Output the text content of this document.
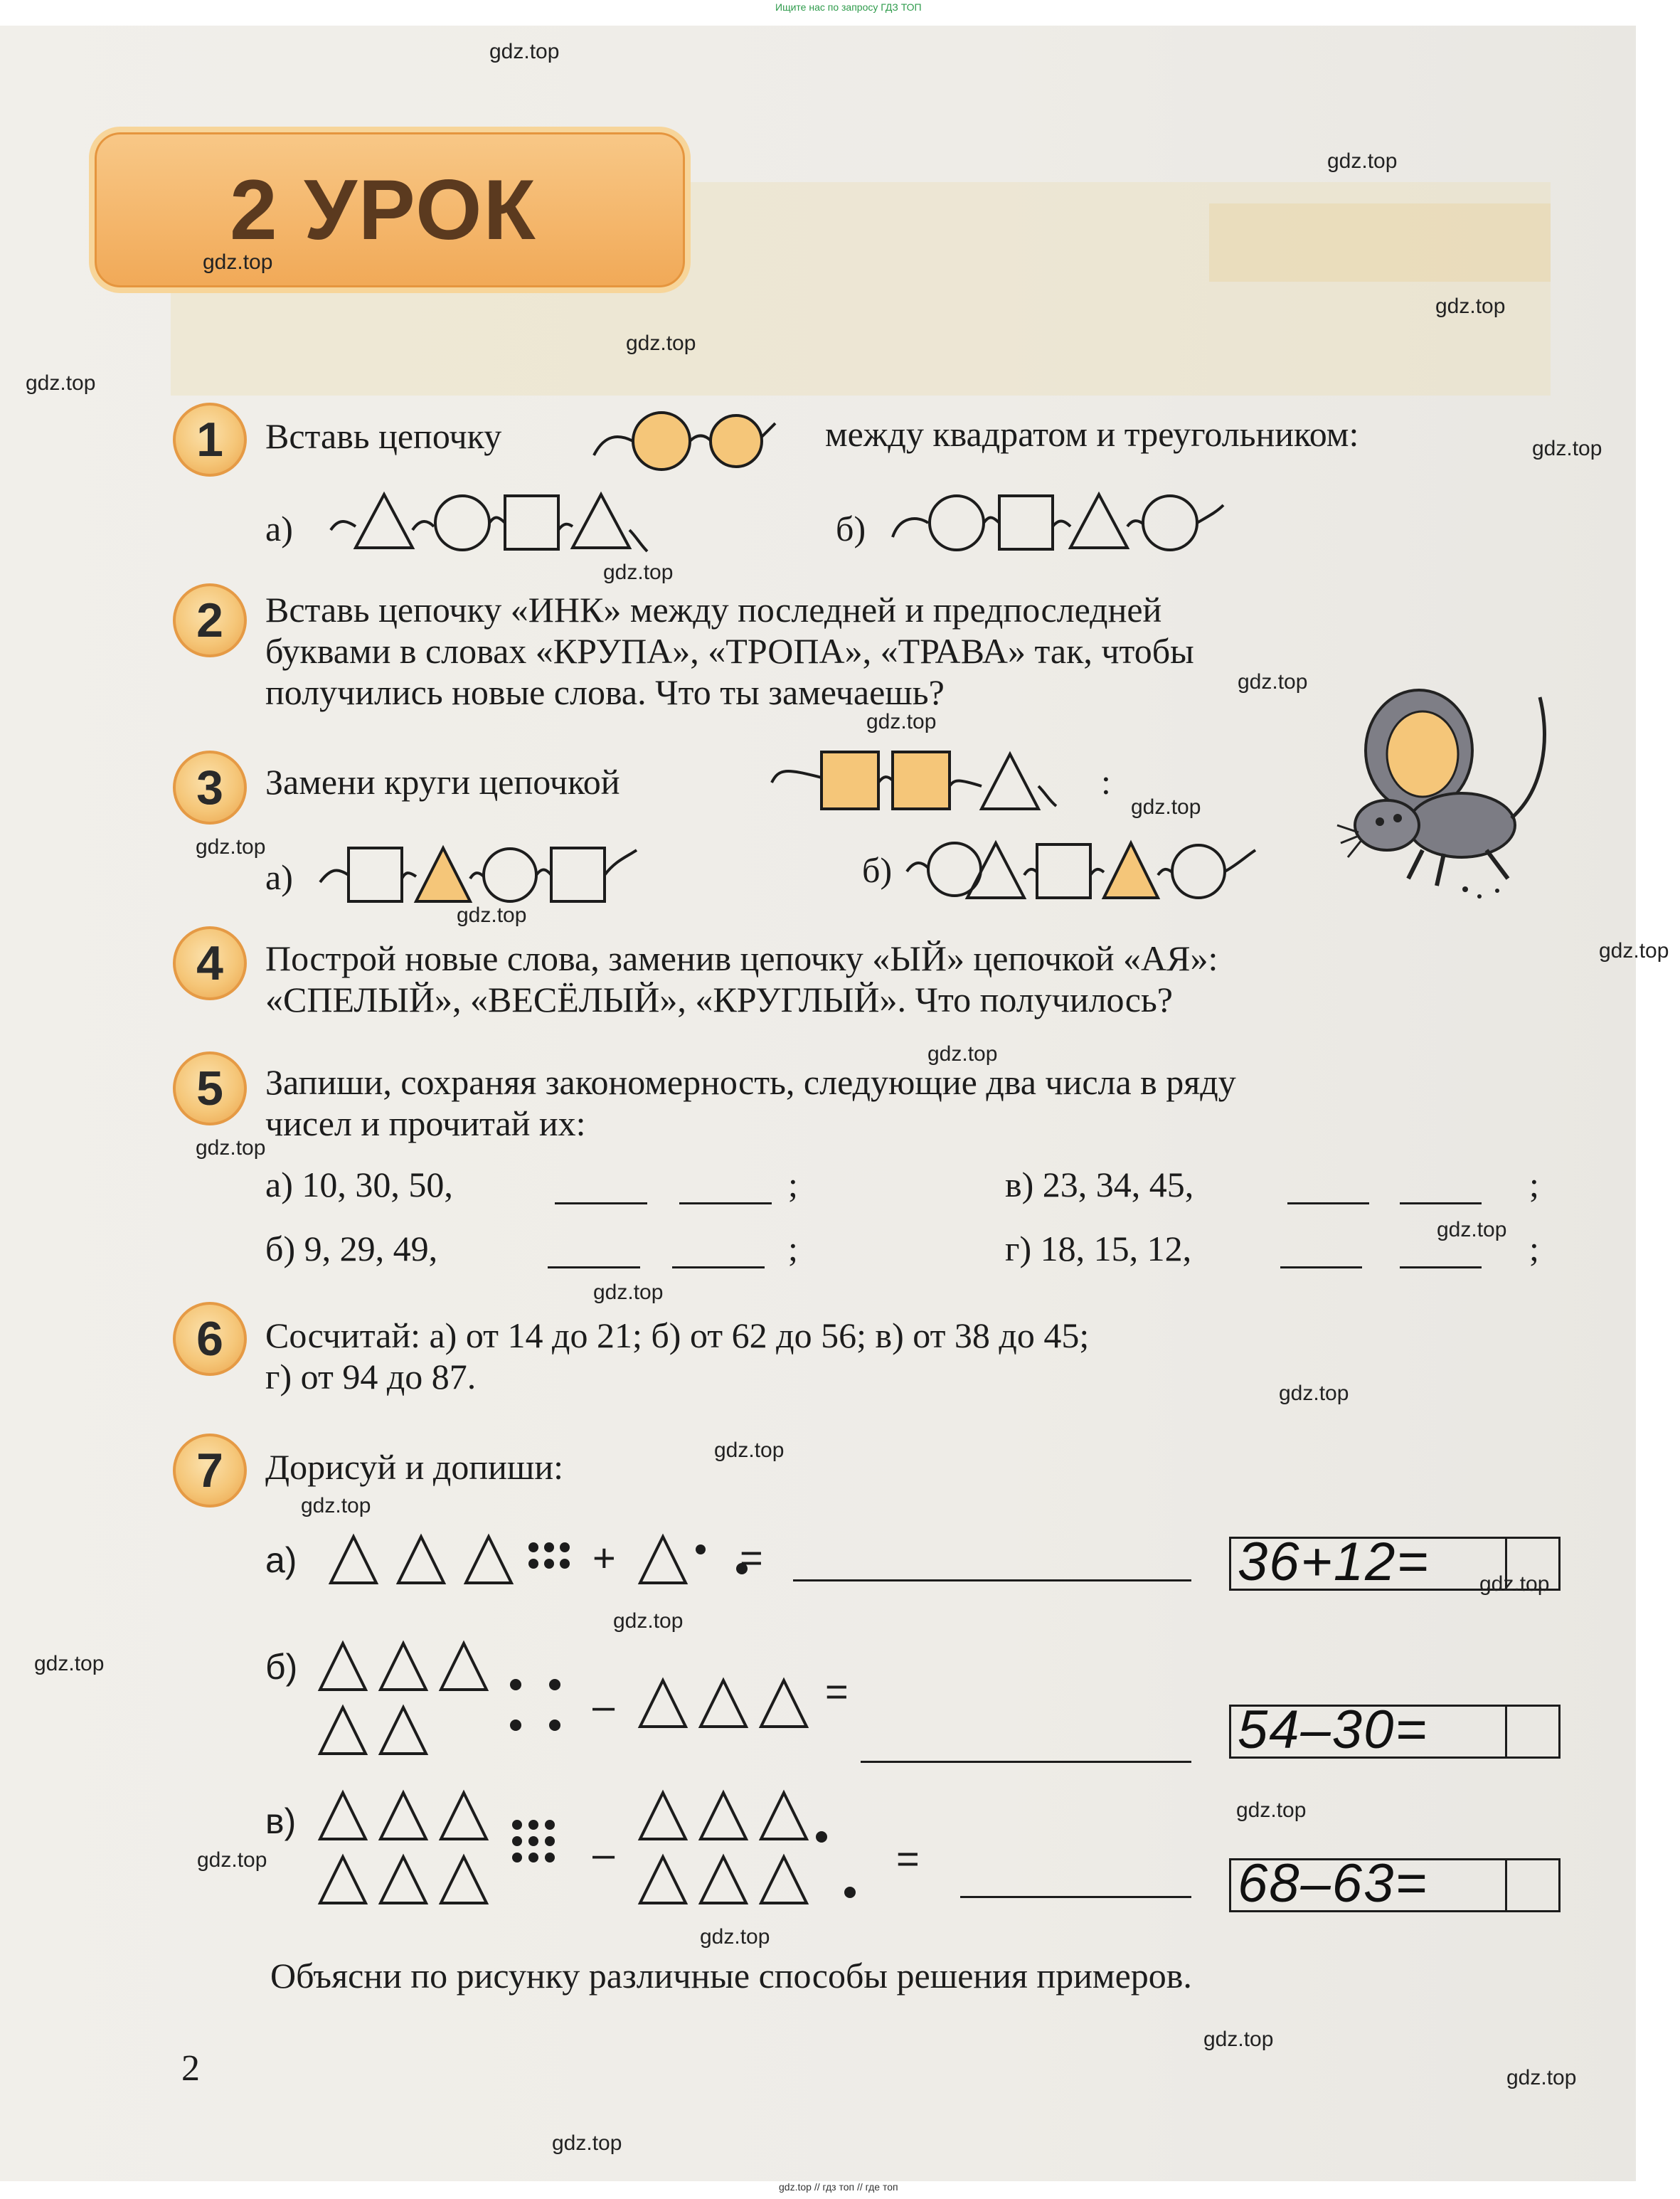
Ищите нас по запросу ГДЗ ТОП
2 УРОК
1	Вставь цепочку	между квадратом и треугольником:
а)	б)
2	Вставь цепочку «ИНК» между последней и предпоследней
буквами в словах «КРУПА», «ТРОПА», «ТРАВА» так, чтобы
получились новые слова. Что ты замечаешь?
3	Замени круги цепочкой	:
а)	б)
4	Построй новые слова, заменив цепочку «ЫЙ» цепочкой «АЯ»:
«СПЕЛЫЙ», «ВЕСЁЛЫЙ», «КРУГЛЫЙ». Что получилось?
5	Запиши, сохраняя закономерность, следующие два числа в ряду
чисел и прочитай их:
а) 10, 30, 50,	;	в) 23, 34, 45,	;
б) 9, 29, 49,	;	г) 18, 15, 12,	;
6	Сосчитай: а) от 14 до 21; б) от 62 до 56; в) от 38 до 45;
г) от 94 до 87.
7	Дорисуй и допиши:
а)	+	=	36+12=
б)
–	=
54–30=
в)
–	=	68–63=
Объясни по рисунку различные способы решения примеров.
2
gdz.top
gdz.top
gdz.top
gdz.top
gdz.top
gdz.top
gdz.top
gdz.top
gdz.top
gdz.top
gdz.top
gdz.top
gdz.top
gdz.top
gdz.top
gdz.top
gdz.top
gdz.top
gdz.top
gdz.top
gdz.top
gdz.top
gdz.top
gdz.top
gdz.top
gdz.top
gdz.top
gdz.top
gdz.top
gdz.top
gdz.top // гдз топ // где топ
